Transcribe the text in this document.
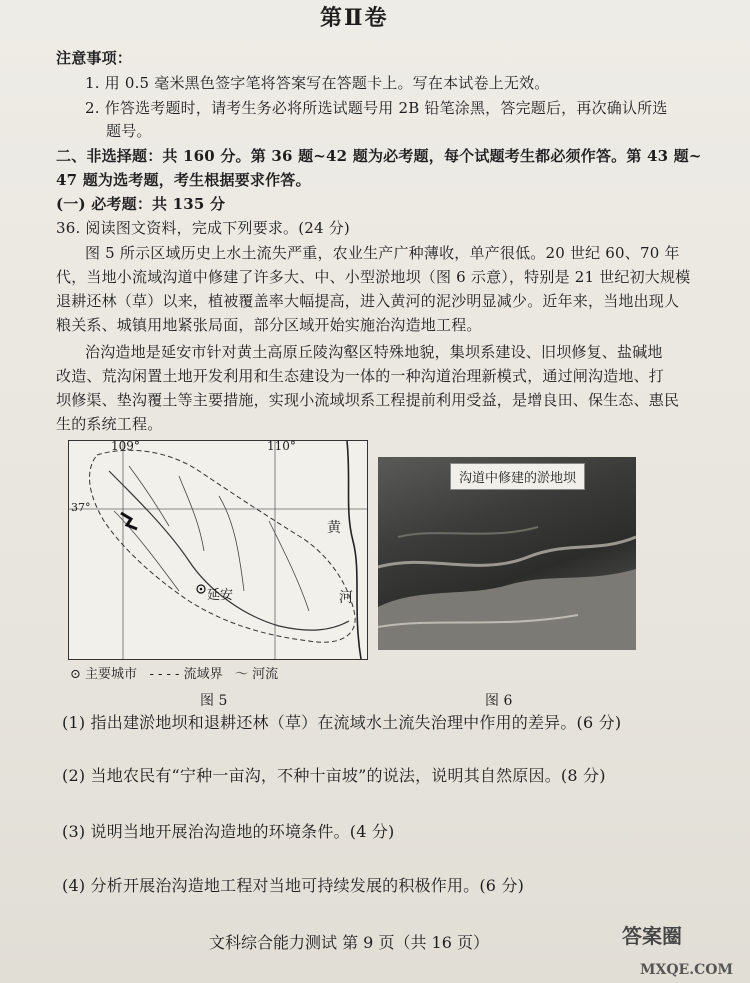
第Ⅱ卷
注意事项：
1. 用 0.5 毫米黑色签字笔将答案写在答题卡上。写在本试卷上无效。
2. 作答选考题时，请考生务必将所选试题号用 2B 铅笔涂黑，答完题后，再次确认所选
题号。
二、非选择题：共 160 分。第 36 题~42 题为必考题，每个试题考生都必须作答。第 43 题~
47 题为选考题，考生根据要求作答。
(一) 必考题：共 135 分
36. 阅读图文资料，完成下列要求。(24 分)
图 5 所示区域历史上水土流失严重，农业生产广种薄收，单产很低。20 世纪 60、70 年
代，当地小流域沟道中修建了许多大、中、小型淤地坝（图 6 示意），特别是 21 世纪初大规模
退耕还林（草）以来，植被覆盖率大幅提高，进入黄河的泥沙明显减少。近年来，当地出现人
粮关系、城镇用地紧张局面，部分区域开始实施治沟造地工程。
治沟造地是延安市针对黄土高原丘陵沟壑区特殊地貌，集坝系建设、旧坝修复、盐碱地
改造、荒沟闲置土地开发利用和生态建设为一体的一种沟道治理新模式，通过闸沟造地、打
坝修渠、垫沟覆土等主要措施，实现小流域坝系工程提前利用受益，是增良田、保生态、惠民
生的系统工程。
109°	110°
37°
延安
黄
河
沟道中修建的淤地坝
⊙ 主要城市 - - - - 流域界 〜 河流
图 5	图 6
(1) 指出建淤地坝和退耕还林（草）在流域水土流失治理中作用的差异。(6 分)
(2) 当地农民有“宁种一亩沟，不种十亩坡”的说法，说明其自然原因。(8 分)
(3) 说明当地开展治沟造地的环境条件。(4 分)
(4) 分析开展治沟造地工程对当地可持续发展的积极作用。(6 分)
文科综合能力测试 第 9 页（共 16 页）	答案圈
MXQE.COM
